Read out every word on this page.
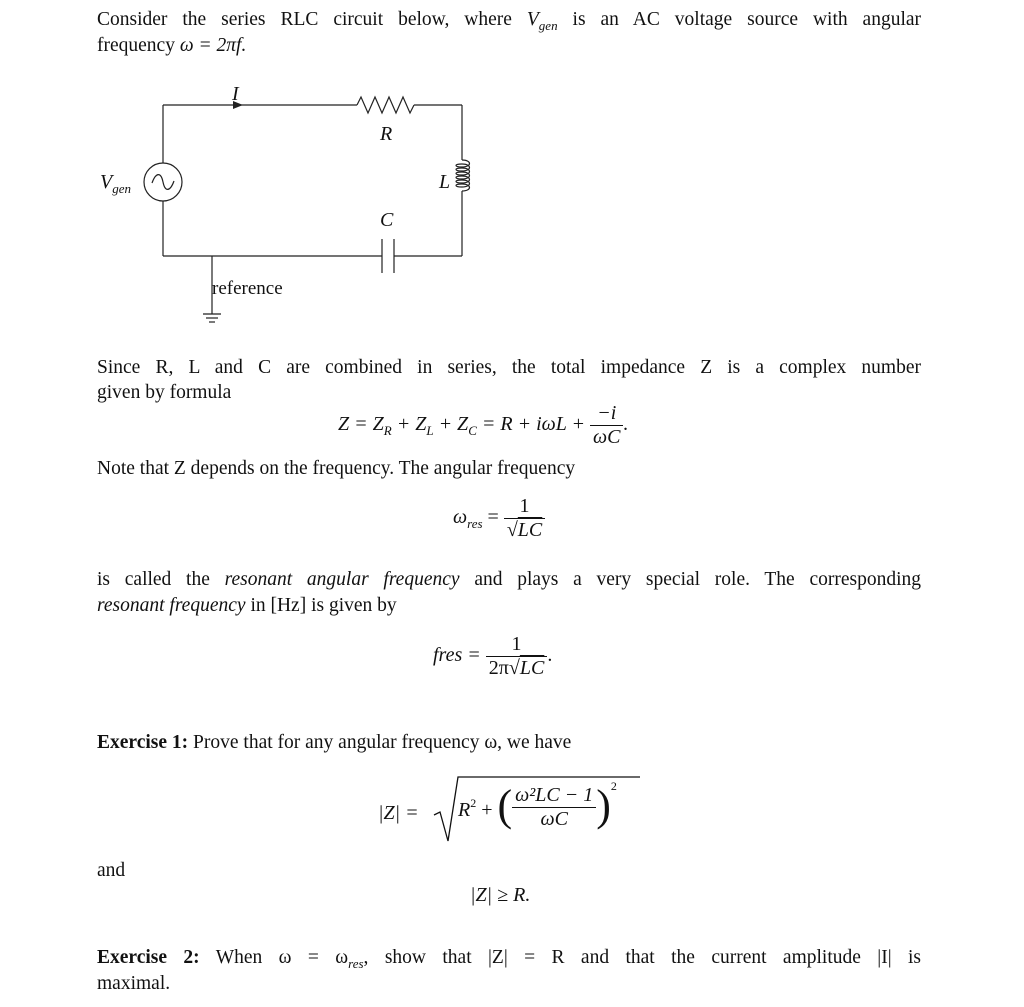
Consider the series RLC circuit below, where $V_{gen}$ is an AC voltage source with angular
frequency ω = 2πf.
I
R
L
C
$V_{gen}$
reference
Since R, L and C are combined in series, the total impedance Z is a complex number
given by formula
$Z = Z_R + Z_L + Z_C = R + i\omega L + \frac{-i}{\omega C}$ .
Note that Z depends on the frequency. The angular frequency
$\omega_{res} = \frac{1}{√LC}$
is called the resonant angular frequency and plays a very special role. The corresponding
resonant frequency in [Hz] is given by
fres = $\frac{1}{2\pi√LC}$ .
Exercise 1: Prove that for any angular frequency ω, we have
$|Z| = R^2$ + ( $\frac{\text{ω²LC − 1}}{\omega C} )^2$
and
|Z| ≥ R.
Exercise 2: When $\omega = \omega_{res}$, show that |Z| = R and that the current amplitude |I| is
maximal.
